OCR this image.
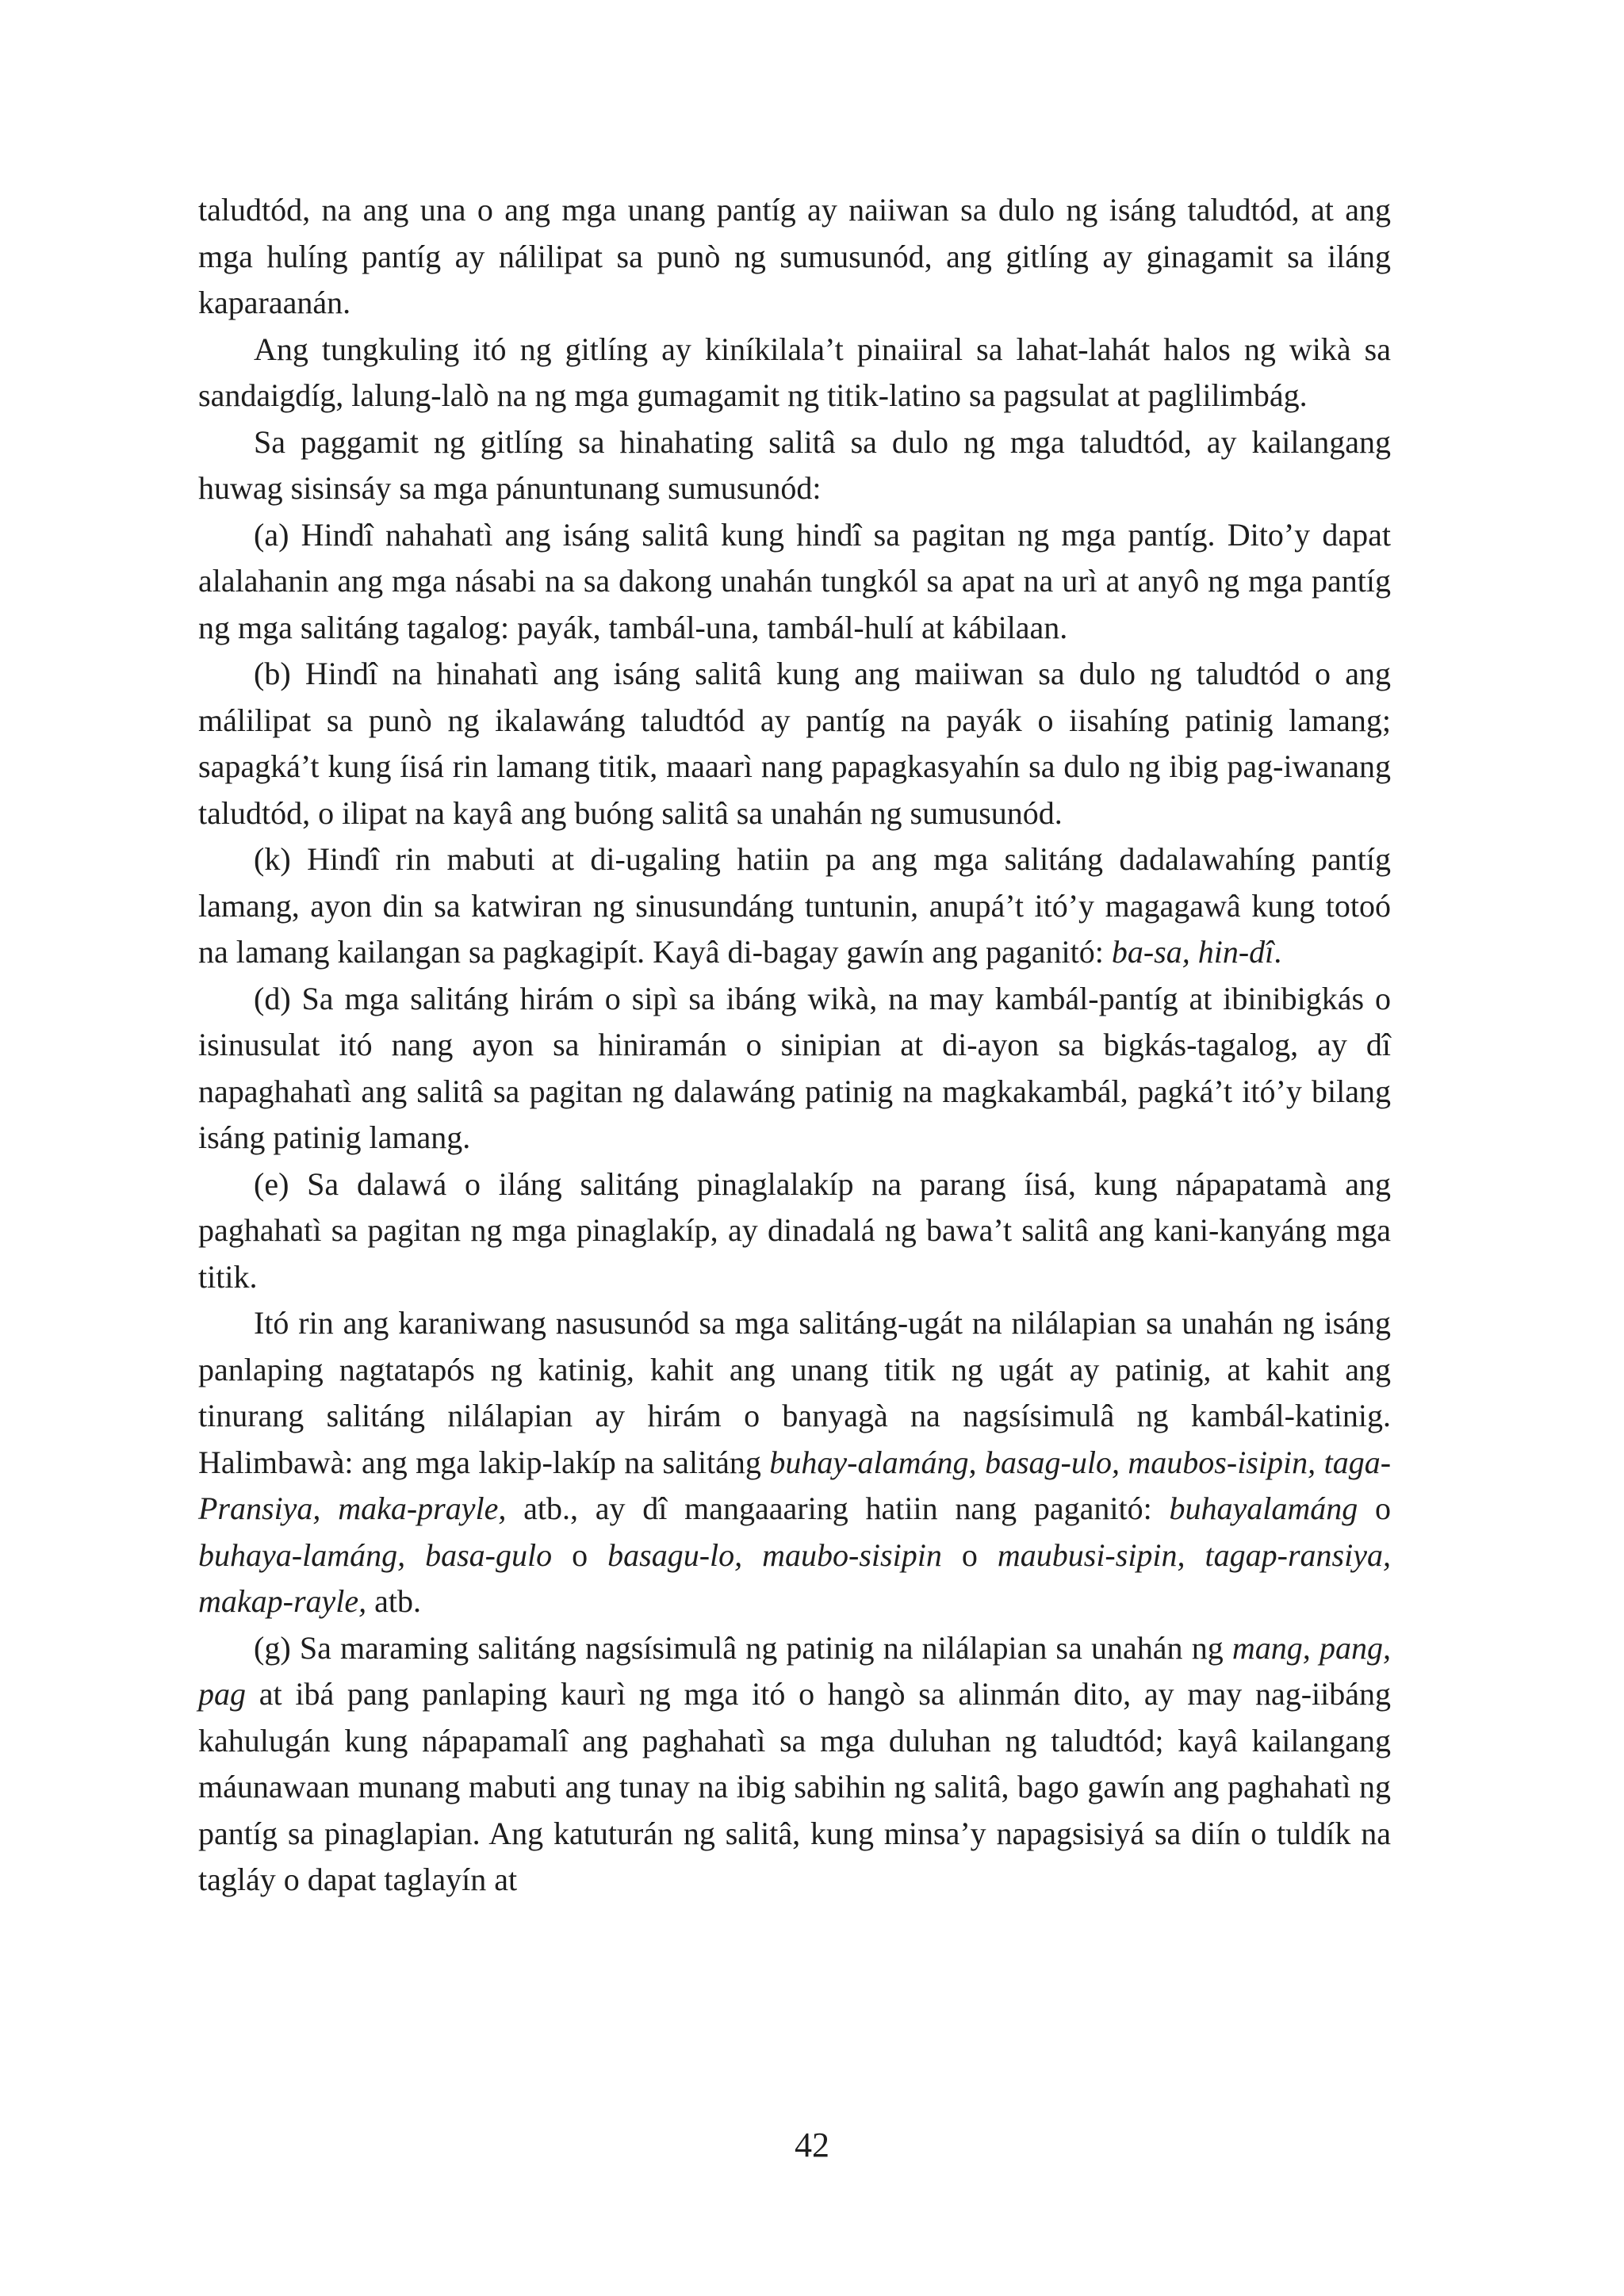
taludtód, na ang una o ang mga unang pantíg ay naiiwan sa dulo ng isáng taludtód, at ang mga hulíng pantíg ay nálilipat sa punò ng sumusunód, ang gitlíng ay ginagamit sa iláng kaparaanán.

Ang tungkuling itó ng gitlíng ay kiníkilala’t pinaiiral sa lahat-lahát halos ng wikà sa sandaigdíg, lalung-lalò na ng mga gumagamit ng titik-latino sa pagsulat at paglilimbág.

Sa paggamit ng gitlíng sa hinahating salitâ sa dulo ng mga taludtód, ay kailangang huwag sisinsáy sa mga pánuntunang sumusunód:

(a) Hindî nahahatì ang isáng salitâ kung hindî sa pagitan ng mga pantíg. Dito’y dapat alalahanin ang mga násabi na sa dakong unahán tungkól sa apat na urì at anyô ng mga pantíg ng mga salitáng tagalog: payák, tambál-una, tambál-hulí at kábilaan.

(b) Hindî na hinahatì ang isáng salitâ kung ang maiiwan sa dulo ng taludtód o ang málilipat sa punò ng ikalawáng taludtód ay pantíg na payák o iisahíng patinig lamang; sapagká’t kung íisá rin lamang titik, maaarì nang papagkasyahín sa dulo ng ibig pag-iwanang taludtód, o ilipat na kayâ ang buóng salitâ sa unahán ng sumusunód.

(k) Hindî rin mabuti at di-ugaling hatiin pa ang mga salitáng dadalawahíng pantíg lamang, ayon din sa katwiran ng sinusundáng tuntunin, anupá’t itó’y magagawâ kung totoó na lamang kailangan sa pagkagipít. Kayâ di-bagay gawín ang paganitó: ba-sa, hin-dî.

(d) Sa mga salitáng hirám o sipì sa ibáng wikà, na may kambál-pantíg at ibinibigkás o isinusulat itó nang ayon sa hiniramán o sinipian at di-ayon sa bigkás-tagalog, ay dî napaghahatì ang salitâ sa pagitan ng dalawáng patinig na magkakambál, pagká’t itó’y bilang isáng patinig lamang.

(e) Sa dalawá o iláng salitáng pinaglalakíp na parang íisá, kung nápapatamà ang paghahatì sa pagitan ng mga pinaglakíp, ay dinadalá ng bawa’t salitâ ang kani-kanyáng mga titik.

Itó rin ang karaniwang nasusunód sa mga salitáng-ugát na nilálapian sa unahán ng isáng panlaping nagtatapós ng katinig, kahit ang unang titik ng ugát ay patinig, at kahit ang tinurang salitáng nilálapian ay hirám o banyagà na nagsísimulâ ng kambál-katinig. Halimbawà: ang mga lakip-lakíp na salitáng buhay-alamáng, basag-ulo, maubos-isipin, taga-Pransiya, maka-prayle, atb., ay dî mangaaaring hatiin nang paganitó: buhayalamáng o buhaya-lamáng, basa-gulo o basagu-lo, maubo-sisipin o maubusi-sipin, tagap-ransiya, makap-rayle, atb.

(g) Sa maraming salitáng nagsísimulâ ng patinig na nilálapian sa unahán ng mang, pang, pag at ibá pang panlaping kaurì ng mga itó o hangò sa alinmán dito, ay may nag-iibáng kahulugán kung nápapamalî ang paghahatì sa mga duluhan ng taludtód; kayâ kailangang máunawaan munang mabuti ang tunay na ibig sabihin ng salitâ, bago gawín ang paghahatì ng pantíg sa pinaglapian. Ang katuturán ng salitâ, kung minsa’y napagsisiyá sa diín o tuldík na tagláy o dapat taglayín at

42
